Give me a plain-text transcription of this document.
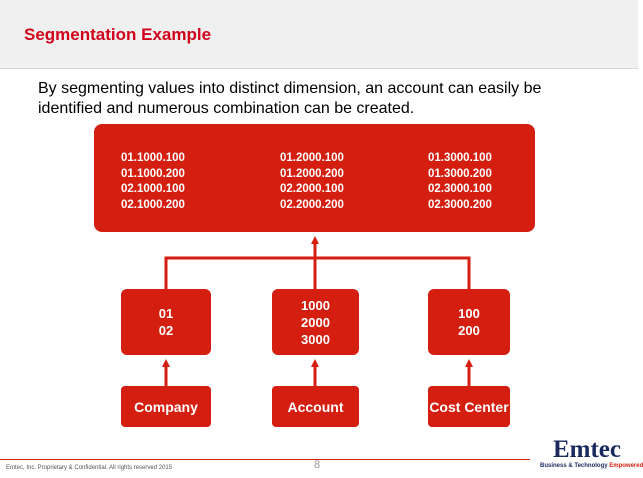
Segmentation Example

By segmenting values into distinct dimension, an account can easily be identified and numerous combination can be created.

01.1000.100
01.1000.200
02.1000.100
02.1000.200
01.2000.100
01.2000.200
02.2000.100
02.2000.200
01.3000.100
01.3000.200
02.3000.100
02.3000.200
01
02
1000
2000
3000
100
200
Company	Account	Cost Center

Emtec, Inc. Proprietary & Confidential. All rights reserved 2015	8
Emtec
Business & Technology Empowered
